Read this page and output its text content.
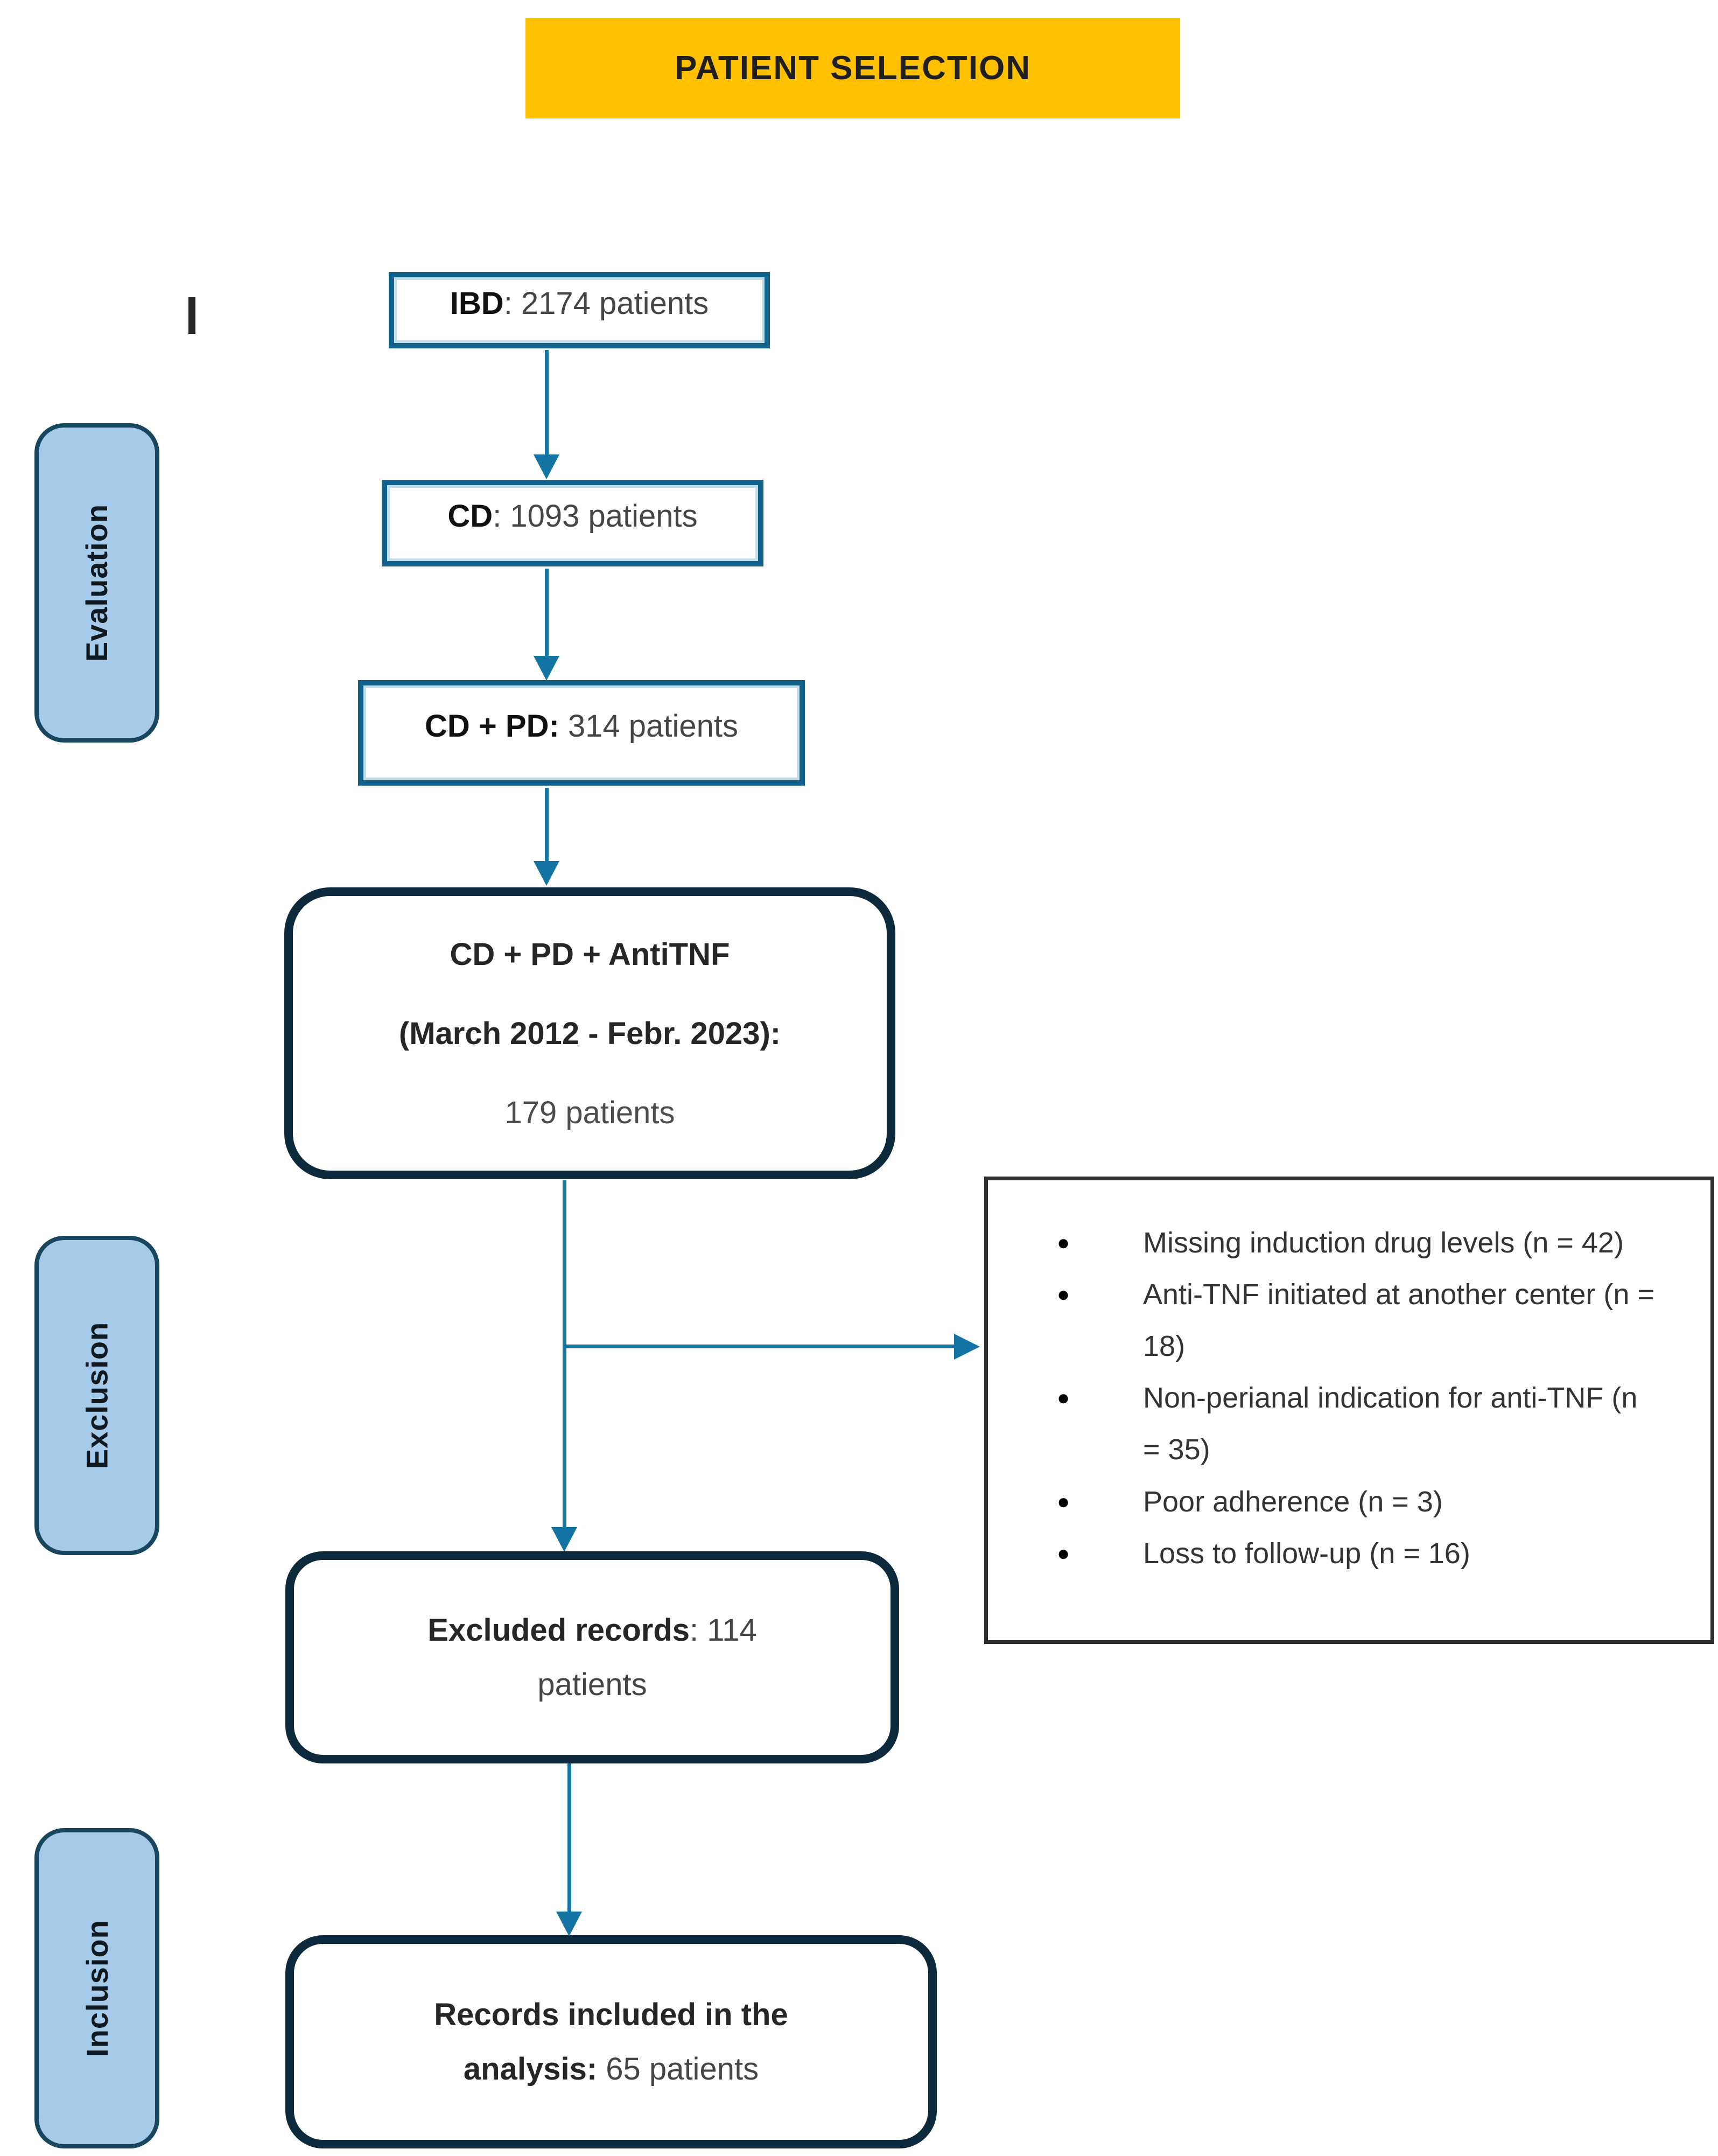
PATIENT SELECTION
Evaluation
Exclusion
Inclusion
IBD: 2174 patients
CD: 1093 patients
CD + PD: 314 patients
CD + PD + AntiTNF
(March 2012 - Febr. 2023):
179 patients
Excluded records: 114 patients
Records included in the analysis: 65 patients
●	Missing induction drug levels (n = 42)
●	Anti-TNF initiated at another center (n = 18)
●	Non-perianal indication for anti-TNF (n = 35)
●	Poor adherence (n = 3)
●	Loss to follow-up (n = 16)
